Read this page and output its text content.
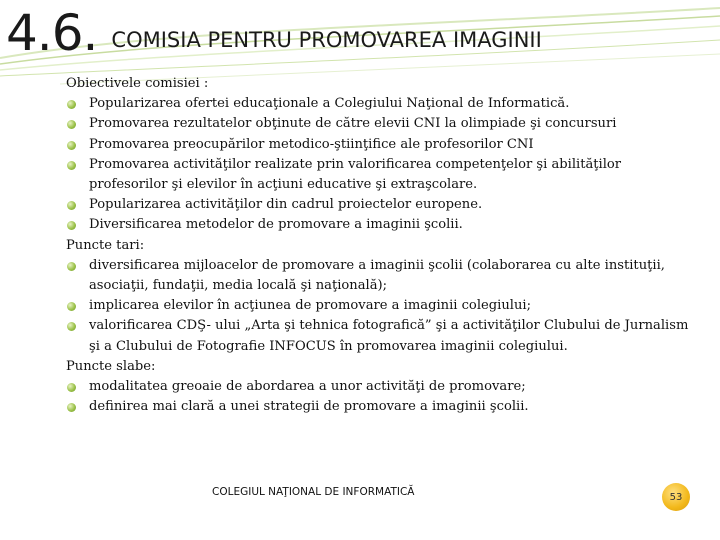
4.6. COMISIA PENTRU PROMOVAREA IMAGINII
Obiectivele comisiei :
Popularizarea ofertei educaţionale a Colegiului Naţional de Informatică.
Promovarea rezultatelor obţinute de către elevii CNI la olimpiade şi concursuri
Promovarea preocupărilor metodico-ştiinţifice ale profesorilor CNI
Promovarea activităţilor realizate prin valorificarea competenţelor şi abilităţilor profesorilor şi elevilor în acţiuni educative şi extraşcolare.
Popularizarea activităţilor din cadrul proiectelor europene.
Diversificarea metodelor de promovare a imaginii şcolii.
Puncte tari:
diversificarea mijloacelor de promovare a imaginii şcolii (colaborarea cu alte instituţii, asociaţii, fundaţii, media locală şi naţională);
implicarea elevilor în acţiunea de promovare a imaginii colegiului;
valorificarea CDŞ- ului „Arta şi tehnica fotografică” şi a activităţilor Clubului de Jurnalism şi a Clubului de Fotografie INFOCUS în promovarea imaginii colegiului.
Puncte slabe:
modalitatea greoaie de abordarea a unor activităţi de promovare;
definirea mai clară a unei strategii de promovare a imaginii şcolii.
COLEGIUL NAŢIONAL DE INFORMATICĂ	53
